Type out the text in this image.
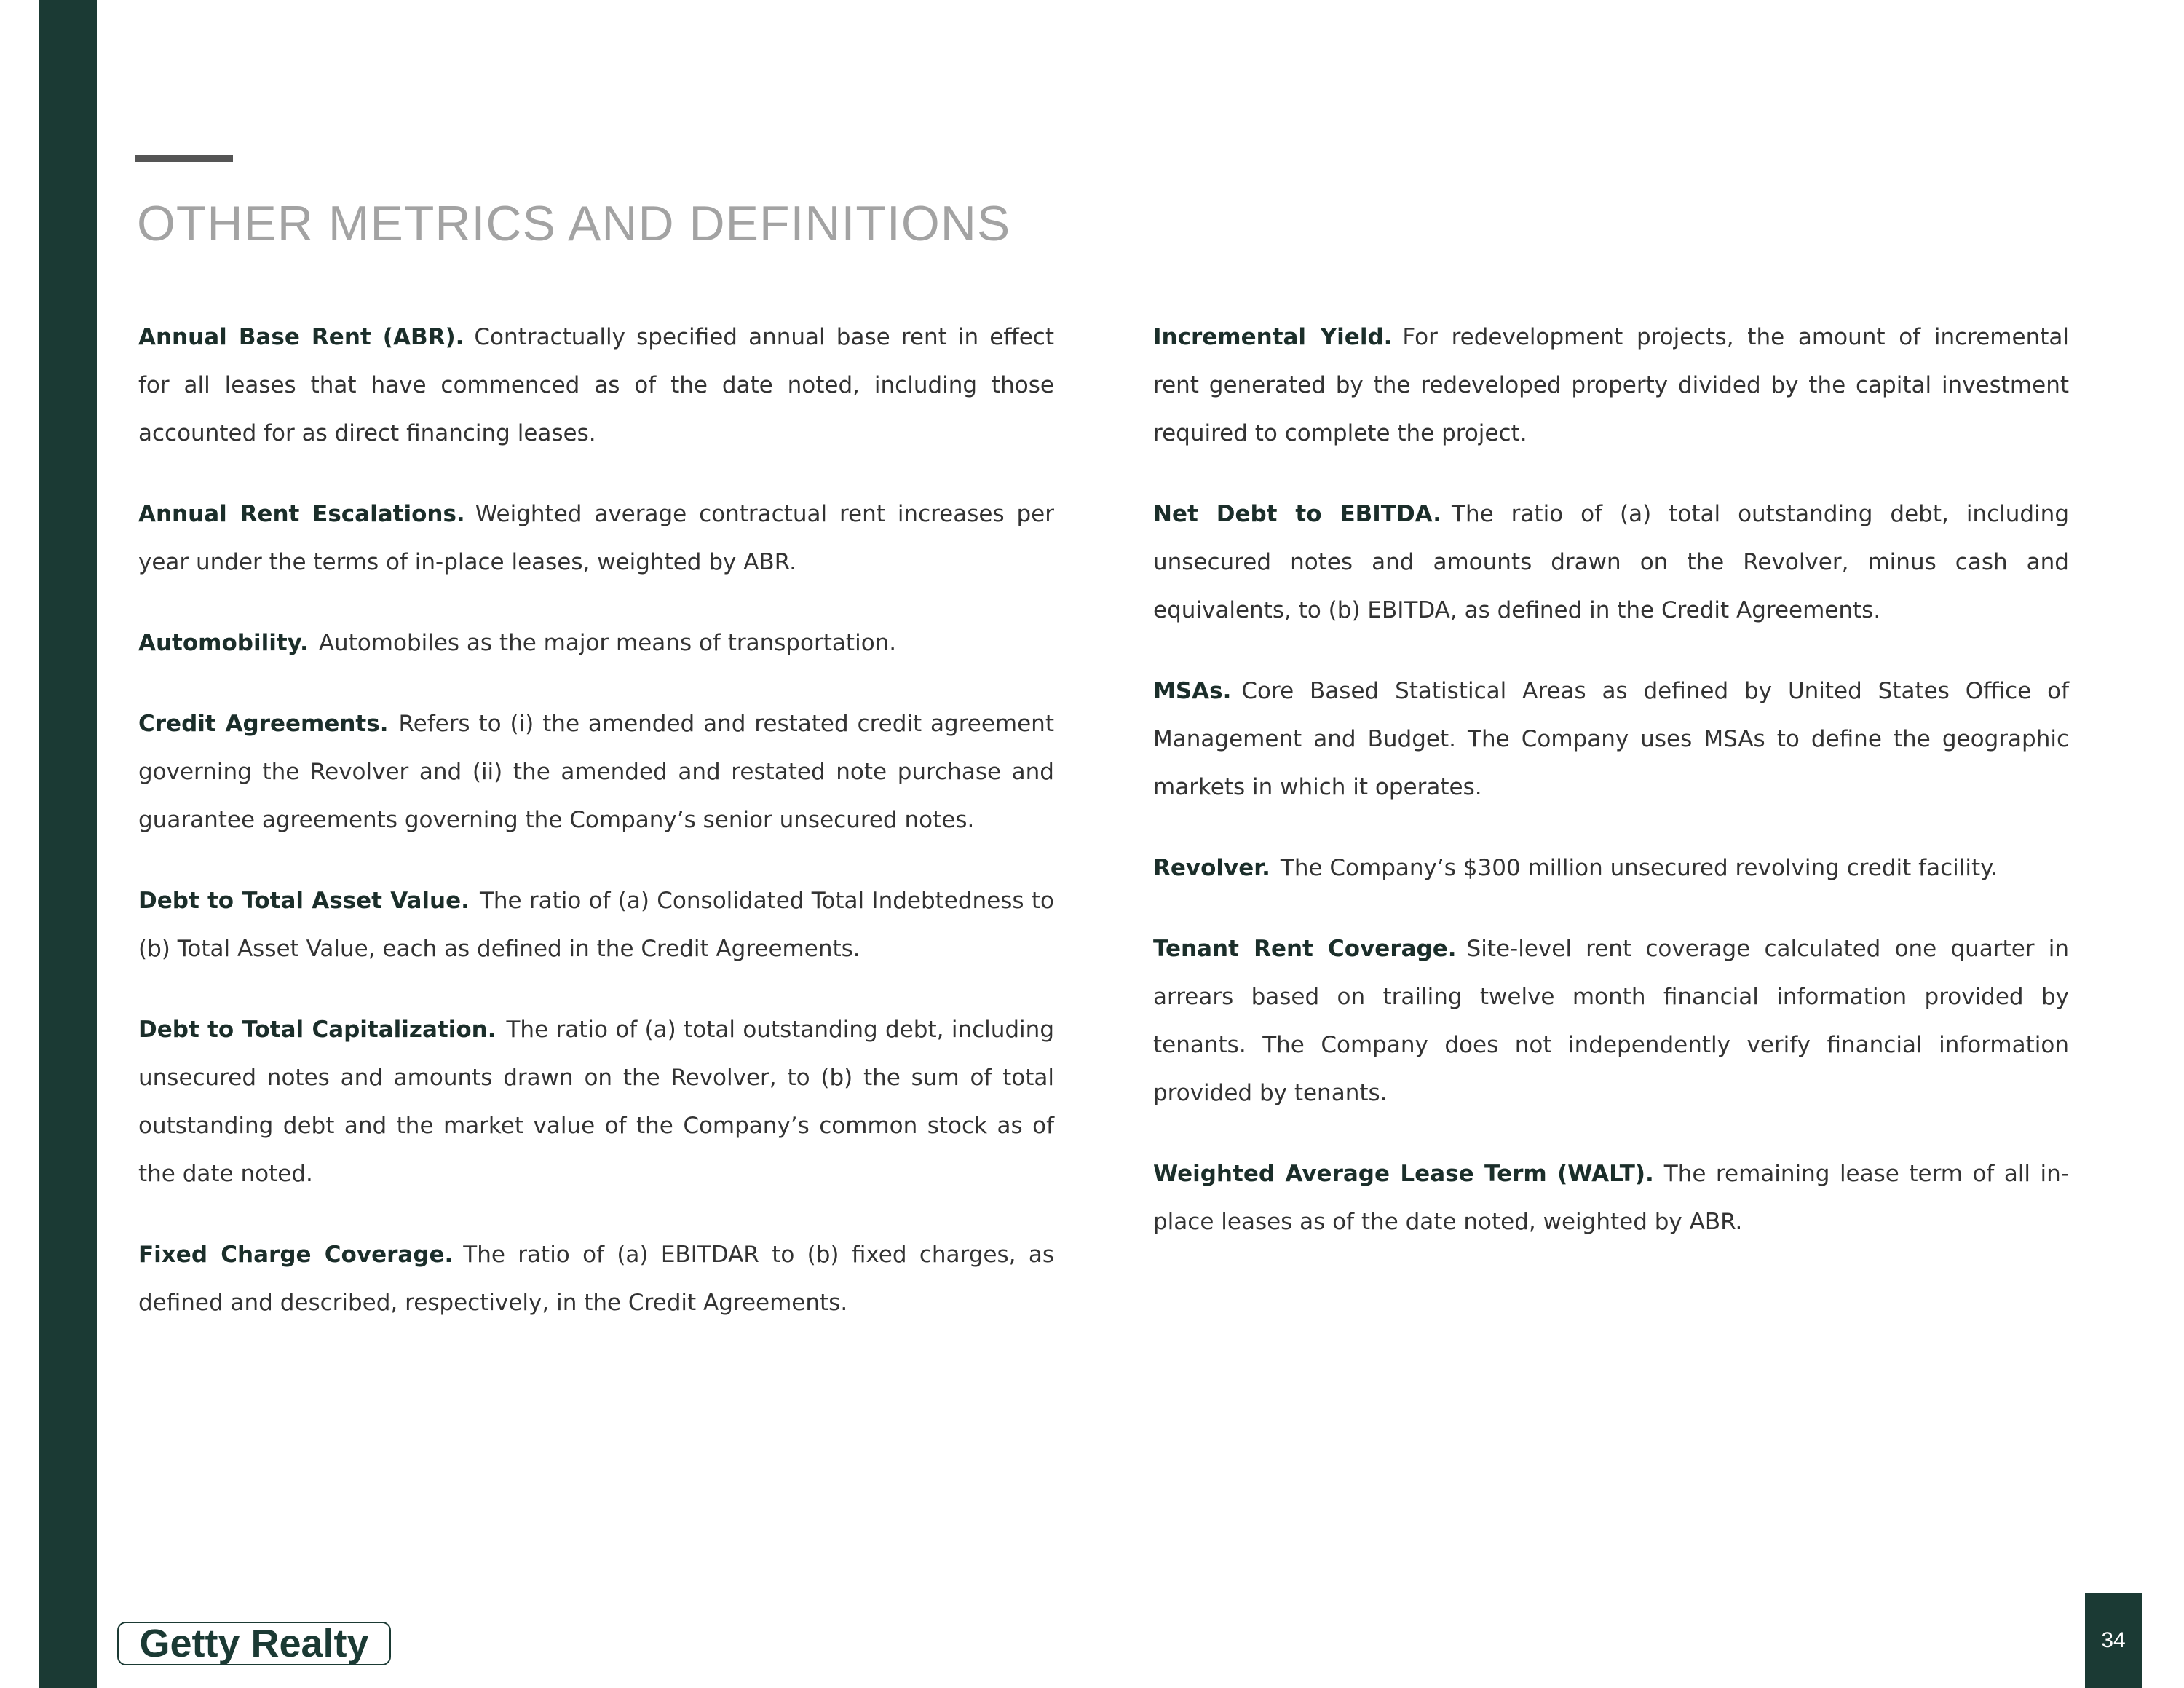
OTHER METRICS AND DEFINITIONS

Annual Base Rent (ABR). Contractually specified annual base rent in effect for all leases that have commenced as of the date noted, including those accounted for as direct financing leases.

Annual Rent Escalations. Weighted average contractual rent increases per year under the terms of in-place leases, weighted by ABR.

Automobility. Automobiles as the major means of transportation.

Credit Agreements. Refers to (i) the amended and restated credit agreement governing the Revolver and (ii) the amended and restated note purchase and guarantee agreements governing the Company’s senior unsecured notes.

Debt to Total Asset Value. The ratio of (a) Consolidated Total Indebtedness to (b) Total Asset Value, each as defined in the Credit Agreements.

Debt to Total Capitalization. The ratio of (a) total outstanding debt, including unsecured notes and amounts drawn on the Revolver, to (b) the sum of total outstanding debt and the market value of the Company’s common stock as of the date noted.

Fixed Charge Coverage. The ratio of (a) EBITDAR to (b) fixed charges, as defined and described, respectively, in the Credit Agreements.

Incremental Yield. For redevelopment projects, the amount of incremental rent generated by the redeveloped property divided by the capital investment required to complete the project.

Net Debt to EBITDA. The ratio of (a) total outstanding debt, including unsecured notes and amounts drawn on the Revolver, minus cash and equivalents, to (b) EBITDA, as defined in the Credit Agreements.

MSAs. Core Based Statistical Areas as defined by United States Office of Management and Budget. The Company uses MSAs to define the geographic markets in which it operates.

Revolver. The Company’s $300 million unsecured revolving credit facility.

Tenant Rent Coverage. Site-level rent coverage calculated one quarter in arrears based on trailing twelve month financial information provided by tenants. The Company does not independently verify financial information provided by tenants.

Weighted Average Lease Term (WALT). The remaining lease term of all in-place leases as of the date noted, weighted by ABR.

Getty Realty	34
